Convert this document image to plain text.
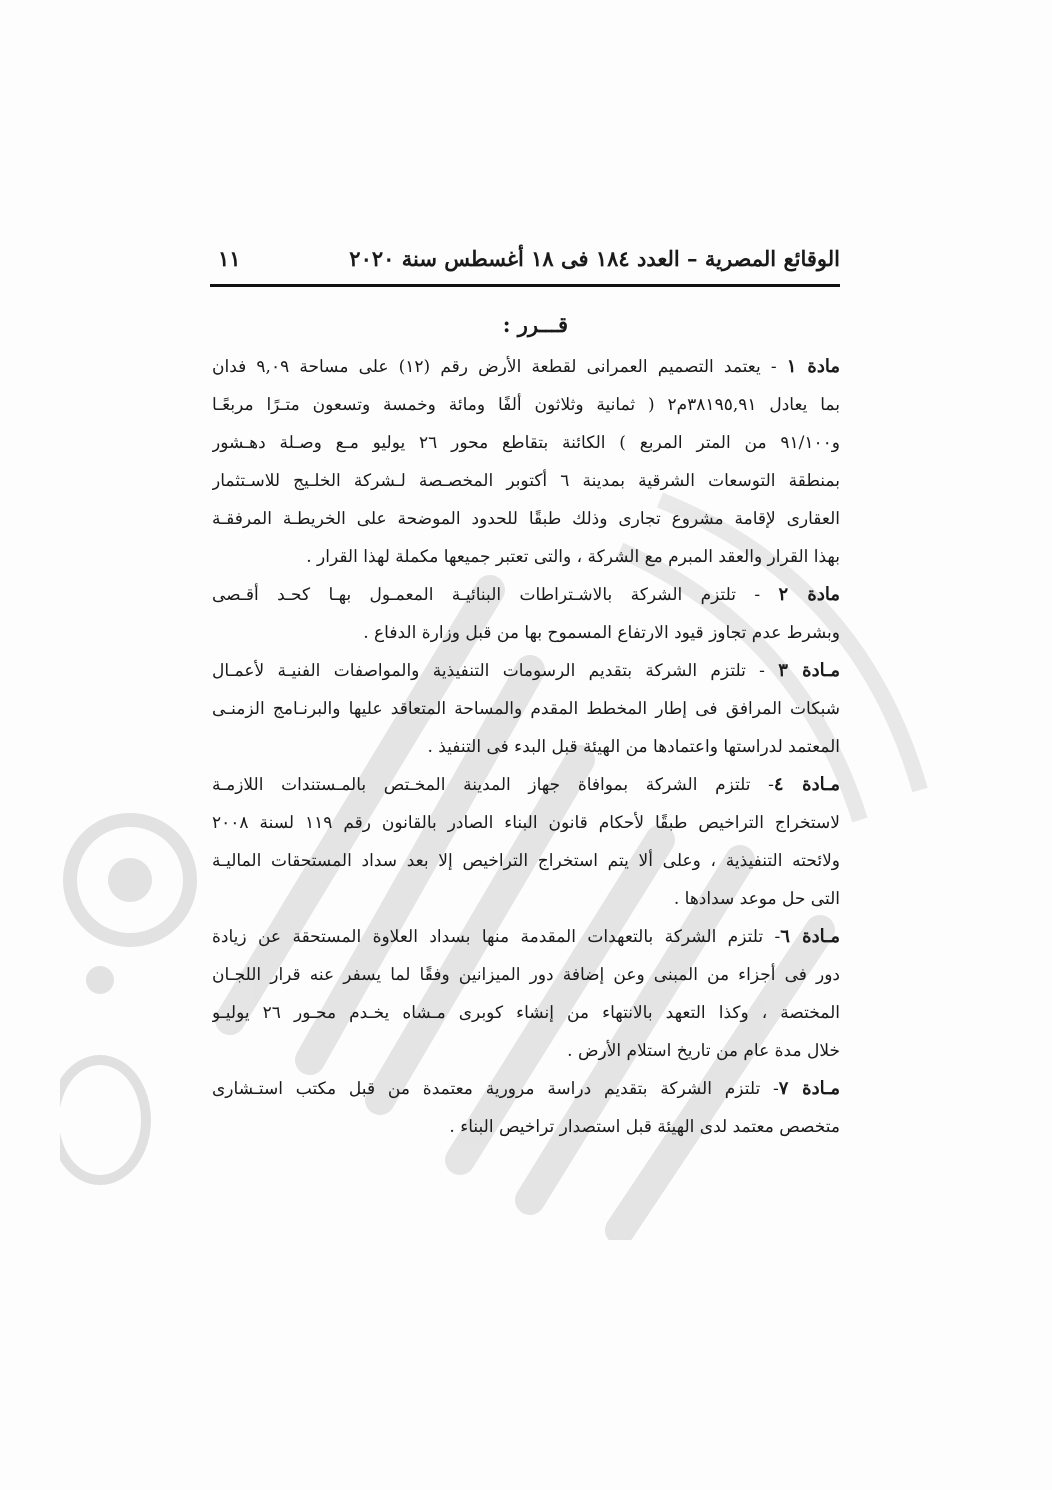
الوقائع المصرية – العدد ١٨٤ فى ١٨ أغسطس سنة ٢٠٢٠
١١
قـــرر :
مادة ١ - يعتمد التصميم العمرانى لقطعة الأرض رقم (١٢) على مساحة ٩,٠٩ فدان
بما يعادل ٣٨١٩٥,٩١م٢ ( ثمانية وثلاثون ألفًا ومائة وخمسة وتسعون متـرًا مربعًـا
و٩١/١٠٠ من المتر المربع ) الكائنة بتقاطع محور ٢٦ يوليو مـع وصـلة دهـشور
بمنطقة التوسعات الشرقية بمدينة ٦ أكتوبر المخصـصة لـشركة الخلـيج للاسـتثمار
العقارى لإقامة مشروع تجارى وذلك طبقًا للحدود الموضحة على الخريطـة المرفقـة
بهذا القرار والعقد المبرم مع الشركة ، والتى تعتبر جميعها مكملة لهذا القرار .
مادة ٢ - تلتزم الشركة بالاشـتراطات البنائيـة المعمـول بهـا كحـد أقـصى
وبشرط عدم تجاوز قيود الارتفاع المسموح بها من قبل وزارة الدفاع .
مـادة ٣ - تلتزم الشركة بتقديم الرسومات التنفيذية والمواصفات الفنيـة لأعمـال
شبكات المرافق فى إطار المخطط المقدم والمساحة المتعاقد عليها والبرنـامج الزمنـى
المعتمد لدراستها واعتمادها من الهيئة قبل البدء فى التنفيذ .
مـادة ٤- تلتزم الشركة بموافاة جهاز المدينة المخـتص بالمـستندات اللازمـة
لاستخراج التراخيص طبقًا لأحكام قانون البناء الصادر بالقانون رقم ١١٩ لسنة ٢٠٠٨
ولائحته التنفيذية ، وعلى ألا يتم استخراج التراخيص إلا بعد سداد المستحقات الماليـة
التى حل موعد سدادها .
مـادة ٦- تلتزم الشركة بالتعهدات المقدمة منها بسداد العلاوة المستحقة عن زيادة
دور فى أجزاء من المبنى وعن إضافة دور الميزانين وفقًا لما يسفر عنه قرار اللجـان
المختصة ، وكذا التعهد بالانتهاء من إنشاء كوبرى مـشاه يخـدم محـور ٢٦ يوليـو
خلال مدة عام من تاريخ استلام الأرض .
مـادة ٧- تلتزم الشركة بتقديم دراسة مرورية معتمدة من قبل مكتب استـشارى
متخصص معتمد لدى الهيئة قبل استصدار تراخيص البناء .
